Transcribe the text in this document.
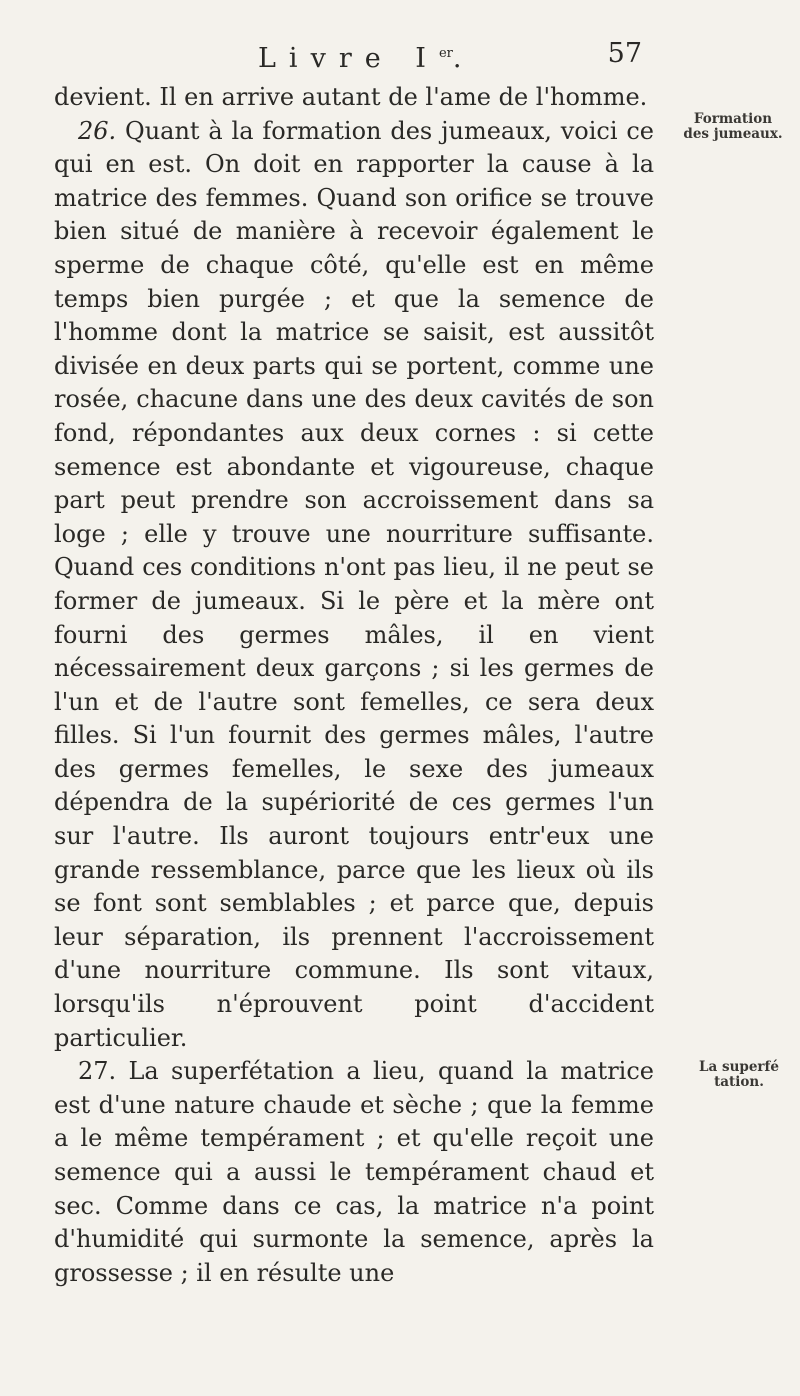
Livre Ier.	57

devient. Il en arrive autant de l'ame de l'homme.

26. Quant à la formation des jumeaux, voici ce qui en est. On doit en rapporter la cause à la matrice des femmes. Quand son orifice se trouve bien situé de manière à recevoir également le sperme de chaque côté, qu'elle est en même temps bien purgée ; et que la semence de l'homme dont la matrice se saisit, est aussitôt divisée en deux parts qui se portent, comme une rosée, chacune dans une des deux cavités de son fond, répondantes aux deux cornes : si cette semence est abondante et vigoureuse, chaque part peut prendre son accroissement dans sa loge ; elle y trouve une nourriture suffisante. Quand ces conditions n'ont pas lieu, il ne peut se former de jumeaux. Si le père et la mère ont fourni des germes mâles, il en vient nécessairement deux garçons ; si les germes de l'un et de l'autre sont femelles, ce sera deux filles. Si l'un fournit des germes mâles, l'autre des germes femelles, le sexe des jumeaux dépendra de la supériorité de ces germes l'un sur l'autre. Ils auront toujours entr'eux une grande ressemblance, parce que les lieux où ils se font sont semblables ; et parce que, depuis leur séparation, ils prennent l'accroissement d'une nourriture commune. Ils sont vitaux, lorsqu'ils n'éprouvent point d'accident particulier.

27. La superfétation a lieu, quand la matrice est d'une nature chaude et sèche ; que la femme a le même tempérament ; et qu'elle reçoit une semence qui a aussi le tempérament chaud et sec. Comme dans ce cas, la matrice n'a point d'humidité qui surmonte la semence, après la grossesse ; il en résulte une

Formation
des jumeaux.
La superfé
tation.
